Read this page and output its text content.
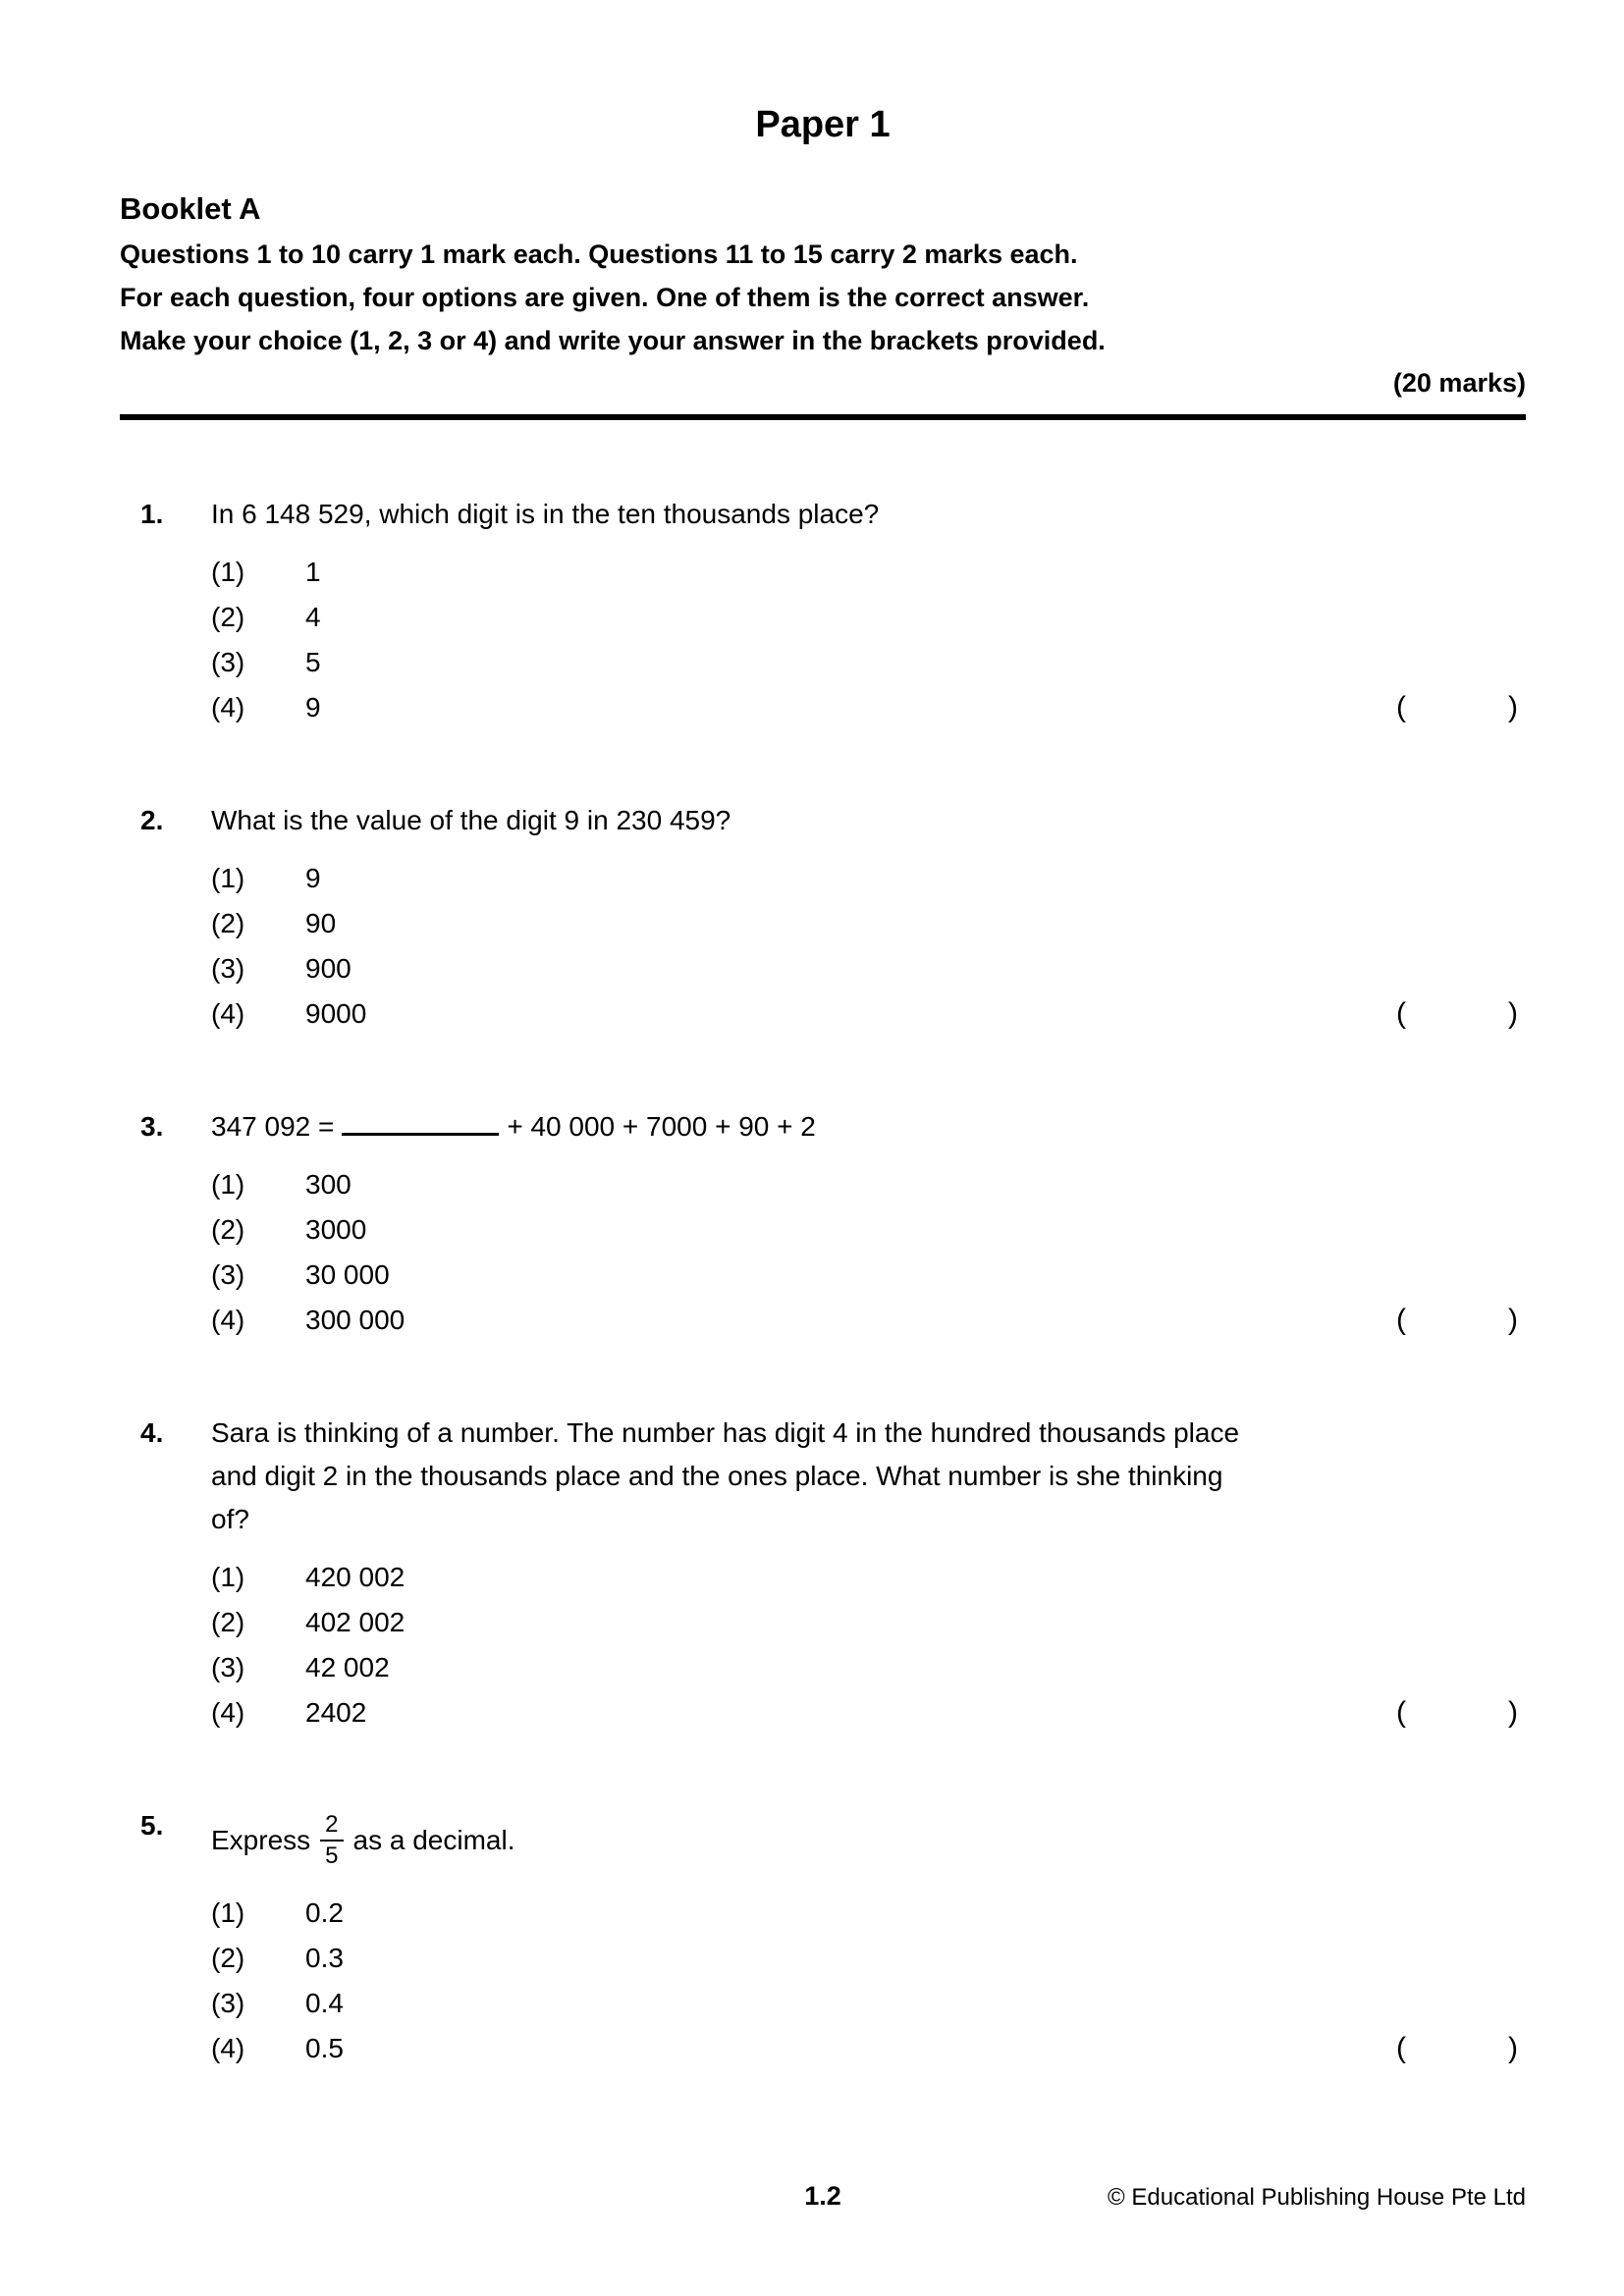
Paper 1
Booklet A
Questions 1 to 10 carry 1 mark each. Questions 11 to 15 carry 2 marks each.
For each question, four options are given. One of them is the correct answer.
Make your choice (1, 2, 3 or 4) and write your answer in the brackets provided.
(20 marks)
1. In 6 148 529, which digit is in the ten thousands place?
(1)	1
(2)	4
(3)	5
(4)	9	(	)
2. What is the value of the digit 9 in 230 459?
(1)	9
(2)	90
(3)	900
(4)	9000	(	)
3. 347 092 =	+ 40 000 + 7000 + 90 + 2
(1)	300
(2)	3000
(3)	30 000
(4)	300 000	(	)
4. Sara is thinking of a number. The number has digit 4 in the hundred thousands place
and digit 2 in the thousands place and the ones place. What number is she thinking
of?
(1)	420 002
(2)	402 002
(3)	42 002
(4)	2402	(	)
5. Express $\frac{2}{5}$ as a decimal.
(1)	0.2
(2)	0.3
(3)	0.4
(4)	0.5	(	)
1.2	© Educational Publishing House Pte Ltd
